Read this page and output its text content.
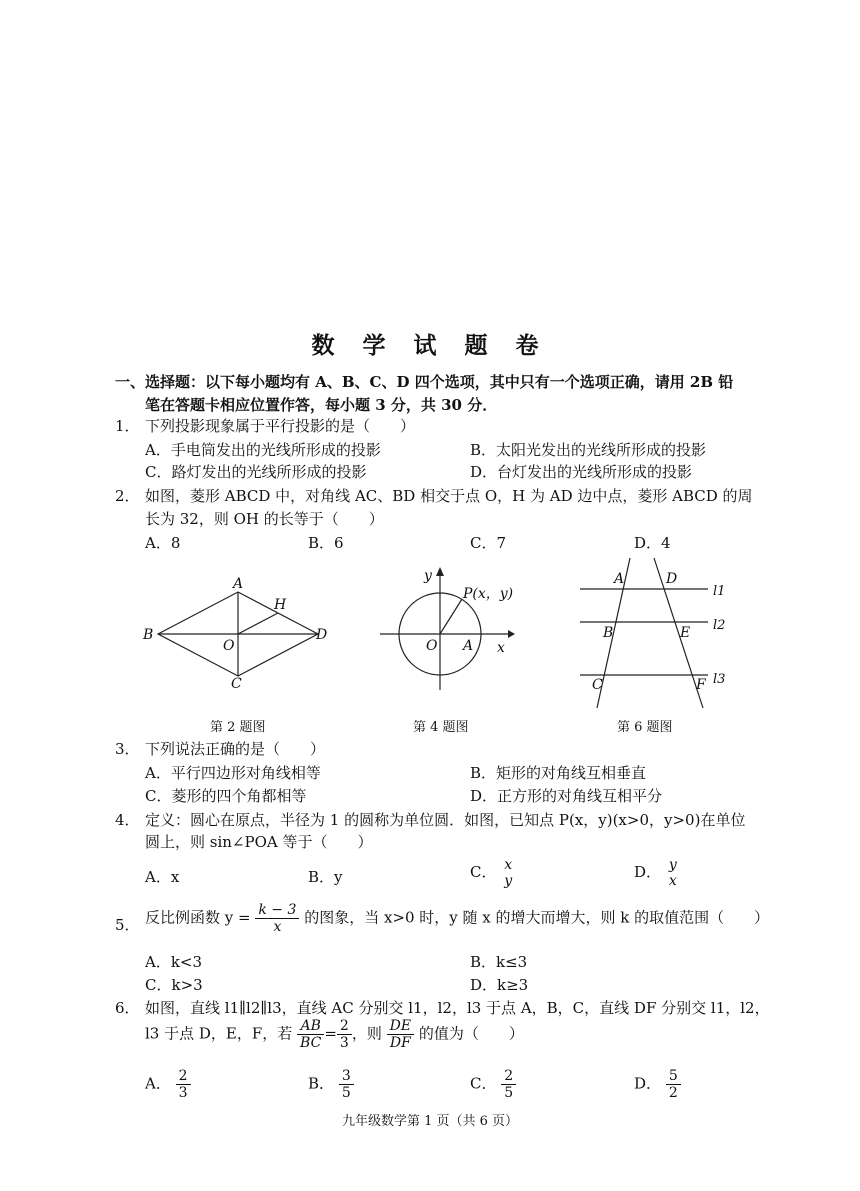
数 学 试 题 卷
一、选择题：以下每小题均有 A、B、C、D 四个选项，其中只有一个选项正确，请用 2B 铅
笔在答题卡相应位置作答，每小题 3 分，共 30 分．
1． 下列投影现象属于平行投影的是（　　）
A．手电筒发出的光线所形成的投影	B．太阳光发出的光线所形成的投影
C．路灯发出的光线所形成的投影	D．台灯发出的光线所形成的投影
2． 如图，菱形 ABCD 中，对角线 AC、BD 相交于点 O，H 为 AD 边中点，菱形 ABCD 的周
长为 32，则 OH 的长等于（　　）
A．8	B．6	C．7	D．4
A
H
B
O
D
C
第 2 题图
y
P(x，y)
O A x
第 4 题图
A	D
B	E
C	F
l1
l2
l3
第 6 题图
3． 下列说法正确的是（　　）
A．平行四边形对角线相等	B．矩形的对角线互相垂直
C．菱形的四个角都相等	D．正方形的对角线互相平分
4． 定义：圆心在原点，半径为 1 的圆称为单位圆．如图，已知点 P(x，y)(x>0，y>0)在单位
圆上，则 sin∠POA 等于（　　）
A．x	B．y	C． x
y	D． y
x
5． 反比例函数 $y = \frac{k - 3}{x}$ 的图象，当 x>0 时，y 随 x 的增大而增大，则 k 的取值范围（　　）
A．k<3	B．k≤3
C．k>3	D．k≥3
6． 如图，直线 l1∥l2∥l3，直线 AC 分别交 l1，l2，l3 于点 A，B，C，直线 DF 分别交 l1，l2，
l3 于点 D，E，F，若 $\frac{AB}{BC} = \frac{2}{3}$ ，则 $\frac{DE}{DF}$ 的值为（　　）
A． $\frac{2}{3}$	B． $\frac{3}{5}$	C． $\frac{2}{5}$	D． $\frac{5}{2}$
九年级数学第 1 页（共 6 页）
